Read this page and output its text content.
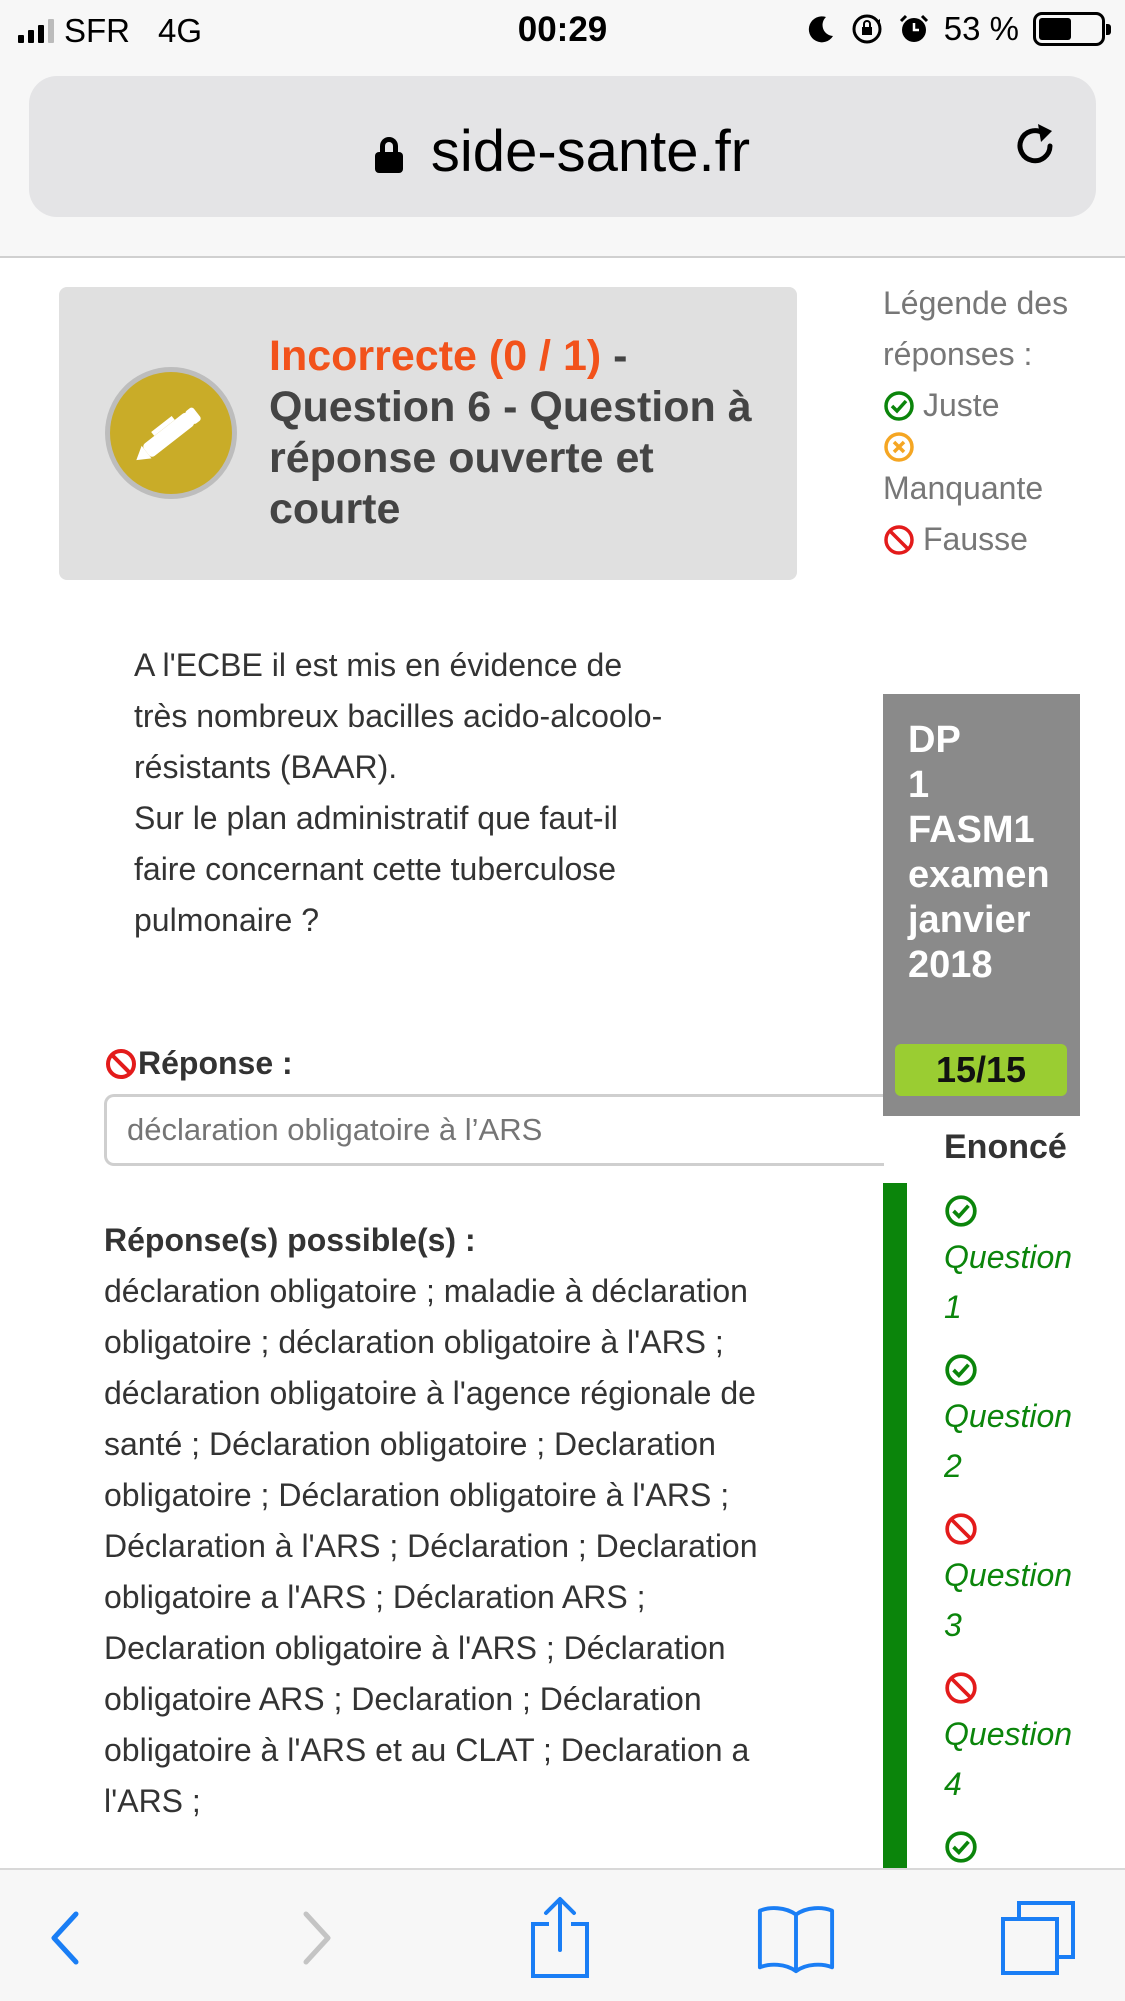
SFR 4G	00:29	53 %
side-sante.fr
Incorrecte (0 / 1) - Question 6 - Question à réponse ouverte et courte
A l'ECBE il est mis en évidence de
très nombreux bacilles acido-alcoolo-
résistants (BAAR).
Sur le plan administratif que faut-il
faire concernant cette tuberculose
pulmonaire ?
Réponse :
déclaration obligatoire à l’ARS
Réponse(s) possible(s) :
déclaration obligatoire ; maladie à déclaration obligatoire ; déclaration obligatoire à l'ARS ; déclaration obligatoire à l'agence régionale de santé ; Déclaration obligatoire ; Declaration obligatoire ; Déclaration obligatoire à l'ARS ; Déclaration à l'ARS ; Déclaration ; Declaration obligatoire a l'ARS ; Déclaration ARS ; Declaration obligatoire à l'ARS ; Déclaration obligatoire ARS ; Declaration ; Déclaration obligatoire à l'ARS et au CLAT ; Declaration a l'ARS ;
Légende des réponses :
Juste
Manquante
Fausse
DP
1
FASM1
examen
janvier
2018
15/15
Enoncé
Question
1
Question
2
Question
3
Question
4
